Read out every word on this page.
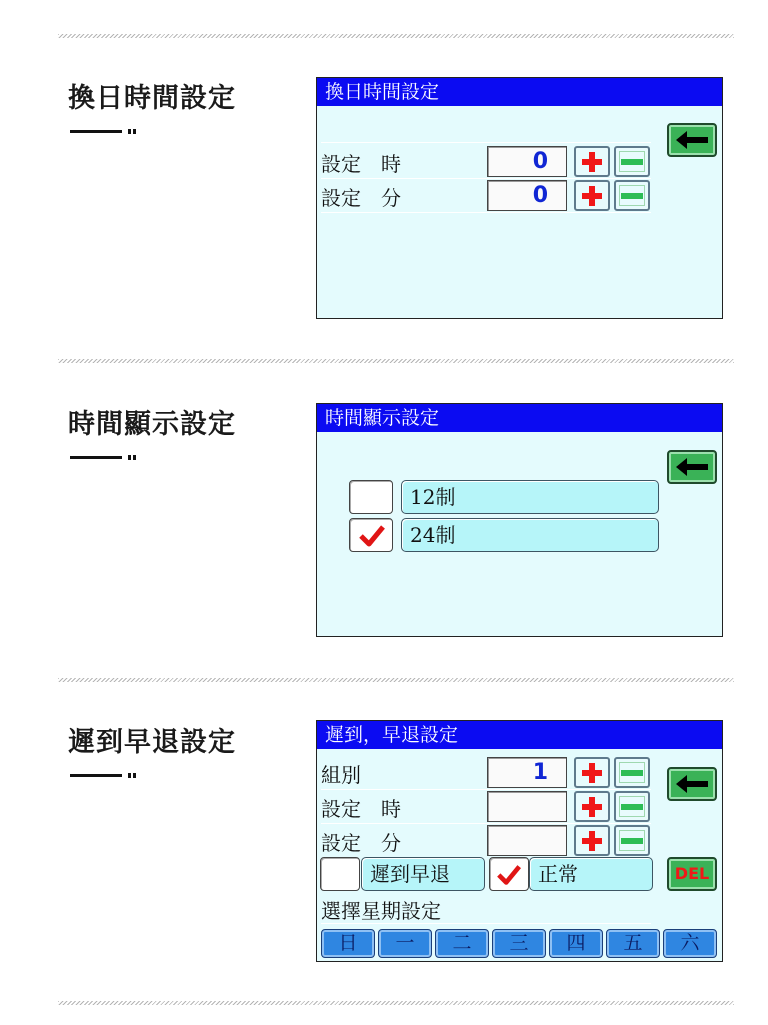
換日時間設定	換日時間設定
設定　時	0
設定　分	0
時間顯示設定	時間顯示設定
12制
24制
遲到早退設定	遲到，早退設定
組別	1
設定　時
設定　分
遲到早退	正常	DEL
選擇星期設定
日	一	二	三	四	五	六
